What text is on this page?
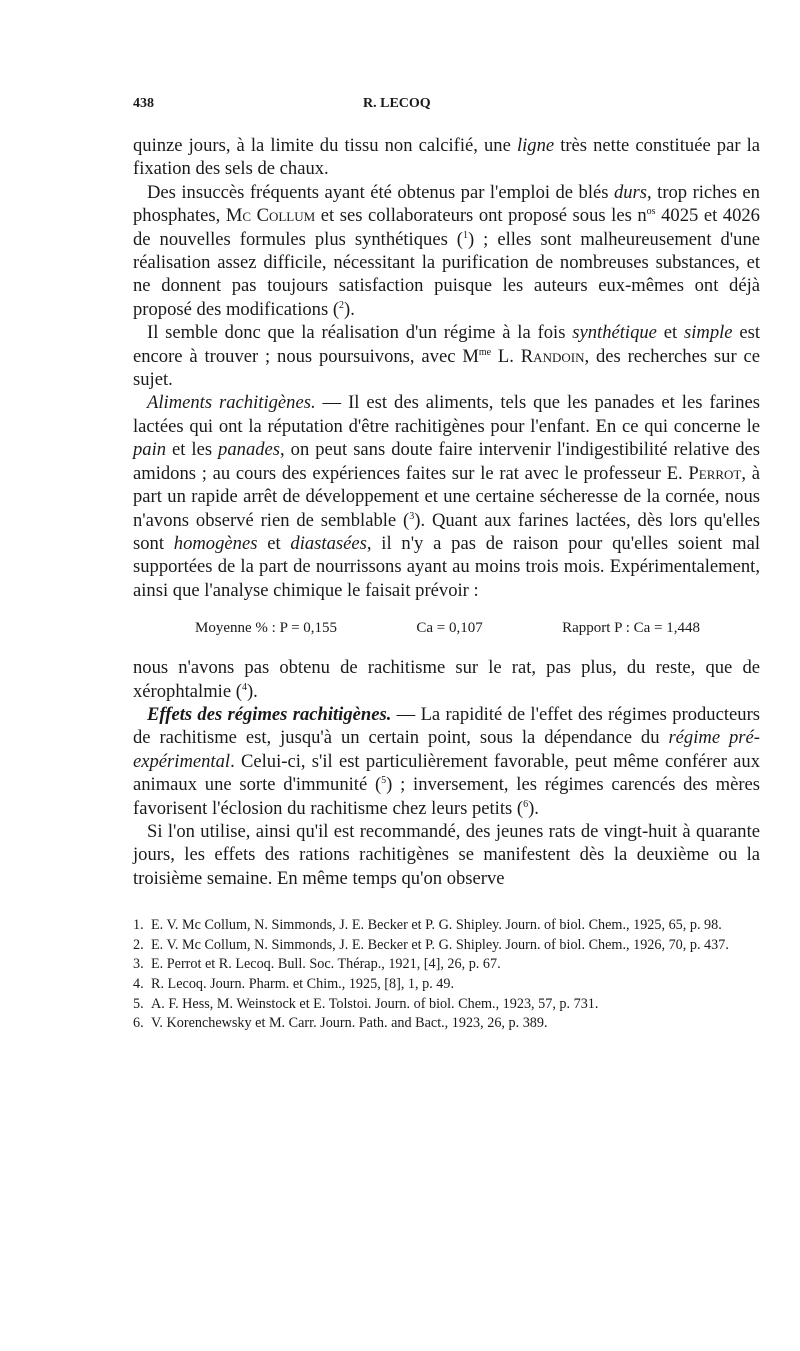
438	R. LECOQ

quinze jours, à la limite du tissu non calcifié, une ligne très nette constituée par la fixation des sels de chaux.

Des insuccès fréquents ayant été obtenus par l'emploi de blés durs, trop riches en phosphates, Mc Collum et ses collaborateurs ont proposé sous les $n^{os}$ 4025 et 4026 de nouvelles formules plus synthétiques ($^1$) ; elles sont malheureusement d'une réalisation assez difficile, nécessitant la purification de nombreuses substances, et ne donnent pas toujours satisfaction puisque les auteurs eux-mêmes ont déjà proposé des modifications ($^2$).

Il semble donc que la réalisation d'un régime à la fois synthétique et simple est encore à trouver ; nous poursuivons, avec $M^{me}$ L. Randoin, des recherches sur ce sujet.

Aliments rachitigènes. — Il est des aliments, tels que les panades et les farines lactées qui ont la réputation d'être rachitigènes pour l'enfant. En ce qui concerne le pain et les panades, on peut sans doute faire intervenir l'indigestibilité relative des amidons ; au cours des expériences faites sur le rat avec le professeur E. Perrot, à part un rapide arrêt de développement et une certaine sécheresse de la cornée, nous n'avons observé rien de semblable ($^3$). Quant aux farines lactées, dès lors qu'elles sont homogènes et diastasées, il n'y a pas de raison pour qu'elles soient mal supportées de la part de nourrissons ayant au moins trois mois. Expérimentalement, ainsi que l'analyse chimique le faisait prévoir :

Moyenne % : P = 0,155	Ca = 0,107	Rapport P : Ca = 1,448

nous n'avons pas obtenu de rachitisme sur le rat, pas plus, du reste, que de xérophtalmie ($^4$).

Effets des régimes rachitigènes. — La rapidité de l'effet des régimes producteurs de rachitisme est, jusqu'à un certain point, sous la dépendance du régime pré-expérimental. Celui-ci, s'il est particulièrement favorable, peut même conférer aux animaux une sorte d'immunité ($^5$) ; inversement, les régimes carencés des mères favorisent l'éclosion du rachitisme chez leurs petits ($^6$).

Si l'on utilise, ainsi qu'il est recommandé, des jeunes rats de vingt-huit à quarante jours, les effets des rations rachitigènes se manifestent dès la deuxième ou la troisième semaine. En même temps qu'on observe

1. E. V. Mc Collum, N. Simmonds, J. E. Becker et P. G. Shipley. Journ. of biol. Chem., 1925, 65, p. 98.

2. E. V. Mc Collum, N. Simmonds, J. E. Becker et P. G. Shipley. Journ. of biol. Chem., 1926, 70, p. 437.

3. E. Perrot et R. Lecoq. Bull. Soc. Thérap., 1921, [4], 26, p. 67.

4. R. Lecoq. Journ. Pharm. et Chim., 1925, [8], 1, p. 49.

5. A. F. Hess, M. Weinstock et E. Tolstoi. Journ. of biol. Chem., 1923, 57, p. 731.

6. V. Korenchewsky et M. Carr. Journ. Path. and Bact., 1923, 26, p. 389.
